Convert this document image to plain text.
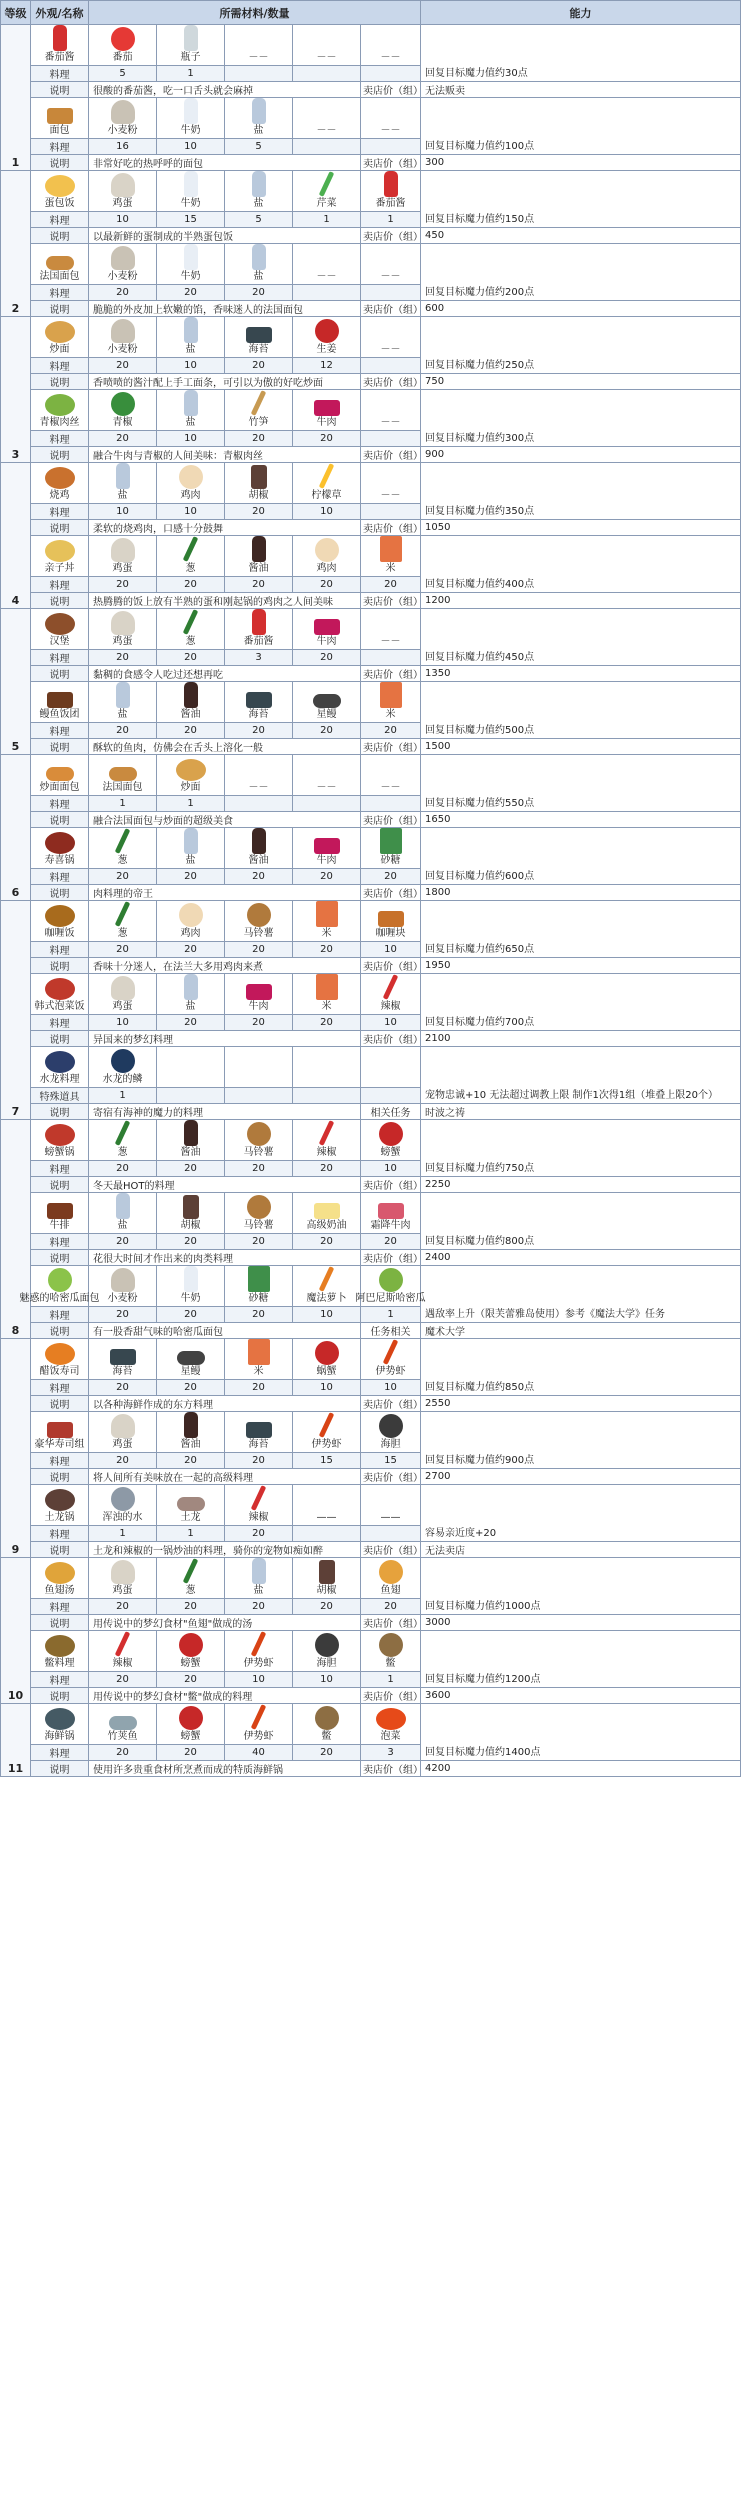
等级	外观/名称	所需材料/数量					能力
1	番茄酱	番茄	瓶子	－－	－－	－－	回复目标魔力值约30点
	料理	5	1				
	说明	很酸的番茄酱，吃一口舌头就会麻掉				卖店价（组）	无法贩卖

	面包	小麦粉	牛奶	盐	－－	－－	回复目标魔力值约100点
	料理	16	10	5			
	说明	非常好吃的热呼呼的面包				卖店价（组）	300
2	蛋包饭	鸡蛋	牛奶	盐	芹菜	番茄酱	回复目标魔力值约150点
	料理	10	15	5	1	1	
	说明	以最新鲜的蛋制成的半熟蛋包饭				卖店价（组）	450

	法国面包	小麦粉	牛奶	盐	－－	－－	回复目标魔力值约200点
	料理	20	20	20			
	说明	脆脆的外皮加上软嫩的馅，香味迷人的法国面包				卖店价（组）	600
3	炒面	小麦粉	盐	海苔	生姜	－－	回复目标魔力值约250点
	料理	20	10	20	12		
	说明	香喷喷的酱汁配上手工面条，可引以为傲的好吃炒面				卖店价（组）	750

	青椒肉丝	青椒	盐	竹笋	牛肉	－－	回复目标魔力值约300点
	料理	20	10	20	20		
	说明	融合牛肉与青椒的人间美味：青椒肉丝				卖店价（组）	900
4	烧鸡	盐	鸡肉	胡椒	柠檬草	－－	回复目标魔力值约350点
	料理	10	10	20	10		
	说明	柔软的烧鸡肉，口感十分鼓舞				卖店价（组）	1050

	亲子丼	鸡蛋	葱	酱油	鸡肉	米	回复目标魔力值约400点
	料理	20	20	20	20	20	
	说明	热腾腾的饭上放有半熟的蛋和刚起锅的鸡肉之人间美味				卖店价（组）	1200
5	汉堡	鸡蛋	葱	番茄酱	牛肉	－－	回复目标魔力值约450点
	料理	20	20	3	20		
	说明	黏稠的食感令人吃过还想再吃				卖店价（组）	1350

	鳗鱼饭团	盐	酱油	海苔	星鳗	米	回复目标魔力值约500点
	料理	20	20	20	20	20	
	说明	酥软的鱼肉，仿佛会在舌头上溶化一般				卖店价（组）	1500
6	炒面面包	法国面包	炒面	－－	－－	－－	回复目标魔力值约550点
	料理	1	1				
	说明	融合法国面包与炒面的超级美食				卖店价（组）	1650

	寿喜锅	葱	盐	酱油	牛肉	砂糖	回复目标魔力值约600点
	料理	20	20	20	20	20	
	说明	肉料理的帝王				卖店价（组）	1800
7	咖喱饭	葱	鸡肉	马铃薯	米	咖喱块	回复目标魔力值约650点
	料理	20	20	20	20	10	
	说明	香味十分迷人，在法兰大多用鸡肉来煮				卖店价（组）	1950

	韩式泡菜饭	鸡蛋	盐	牛肉	米	辣椒	回复目标魔力值约700点
	料理	10	20	20	20	10	
	说明	异国来的梦幻料理				卖店价（组）	2100

	水龙料理	水龙的鳞					宠物忠诚+10 无法超过调教上限 制作1次得1组（堆叠上限20个）
	特殊道具	1					
	说明	寄宿有海神的魔力的料理				相关任务	时波之祷
8	螃蟹锅	葱	酱油	马铃薯	辣椒	螃蟹	回复目标魔力值约750点
	料理	20	20	20	20	10	
	说明	冬天最HOT的料理				卖店价（组）	2250

	牛排	盐	胡椒	马铃薯	高级奶油	霜降牛肉	回复目标魔力值约800点
	料理	20	20	20	20	20	
	说明	花很大时间才作出来的肉类料理				卖店价（组）	2400

	魅惑的哈密瓜面包	小麦粉	牛奶	砂糖	魔法萝卜	阿巴尼斯哈密瓜	遇敌率上升（限芙蕾雅岛使用）参考《魔法大学》任务
	料理	20	20	20	10	1	
	说明	有一股香甜气味的哈密瓜面包				任务相关	魔术大学
9	醋饭寿司	海苔	星鳗	米	蜗蟹	伊势虾	回复目标魔力值约850点
	料理	20	20	20	10	10	
	说明	以各种海鲜作成的东方料理				卖店价（组）	2550

	豪华寿司组	鸡蛋	酱油	海苔	伊势虾	海胆	回复目标魔力值约900点
	料理	20	20	20	15	15	
	说明	将人间所有美味放在一起的高级料理				卖店价（组）	2700

	土龙锅	浑浊的水	土龙	辣椒	——	——	容易亲近度+20
	料理	1	1	20			
	说明	土龙和辣椒的一锅炒油的料理，骑你的宠物如痴如醉				卖店价（组）	无法卖店
10	鱼翅汤	鸡蛋	葱	盐	胡椒	鱼翅	回复目标魔力值约1000点
	料理	20	20	20	20	20	
	说明	用传说中的梦幻食材"鱼翅"做成的汤				卖店价（组）	3000

	鳖料理	辣椒	螃蟹	伊势虾	海胆	鳖	回复目标魔力值约1200点
	料理	20	20	10	10	1	
	说明	用传说中的梦幻食材"鳖"做成的料理				卖店价（组）	3600
11	海鲜锅	竹荚鱼	螃蟹	伊势虾	鳖	泡菜	回复目标魔力值约1400点
	料理	20	20	40	20	3	
	说明	使用许多贵重食材所烹煮而成的特质海鲜锅				卖店价（组）	4200
